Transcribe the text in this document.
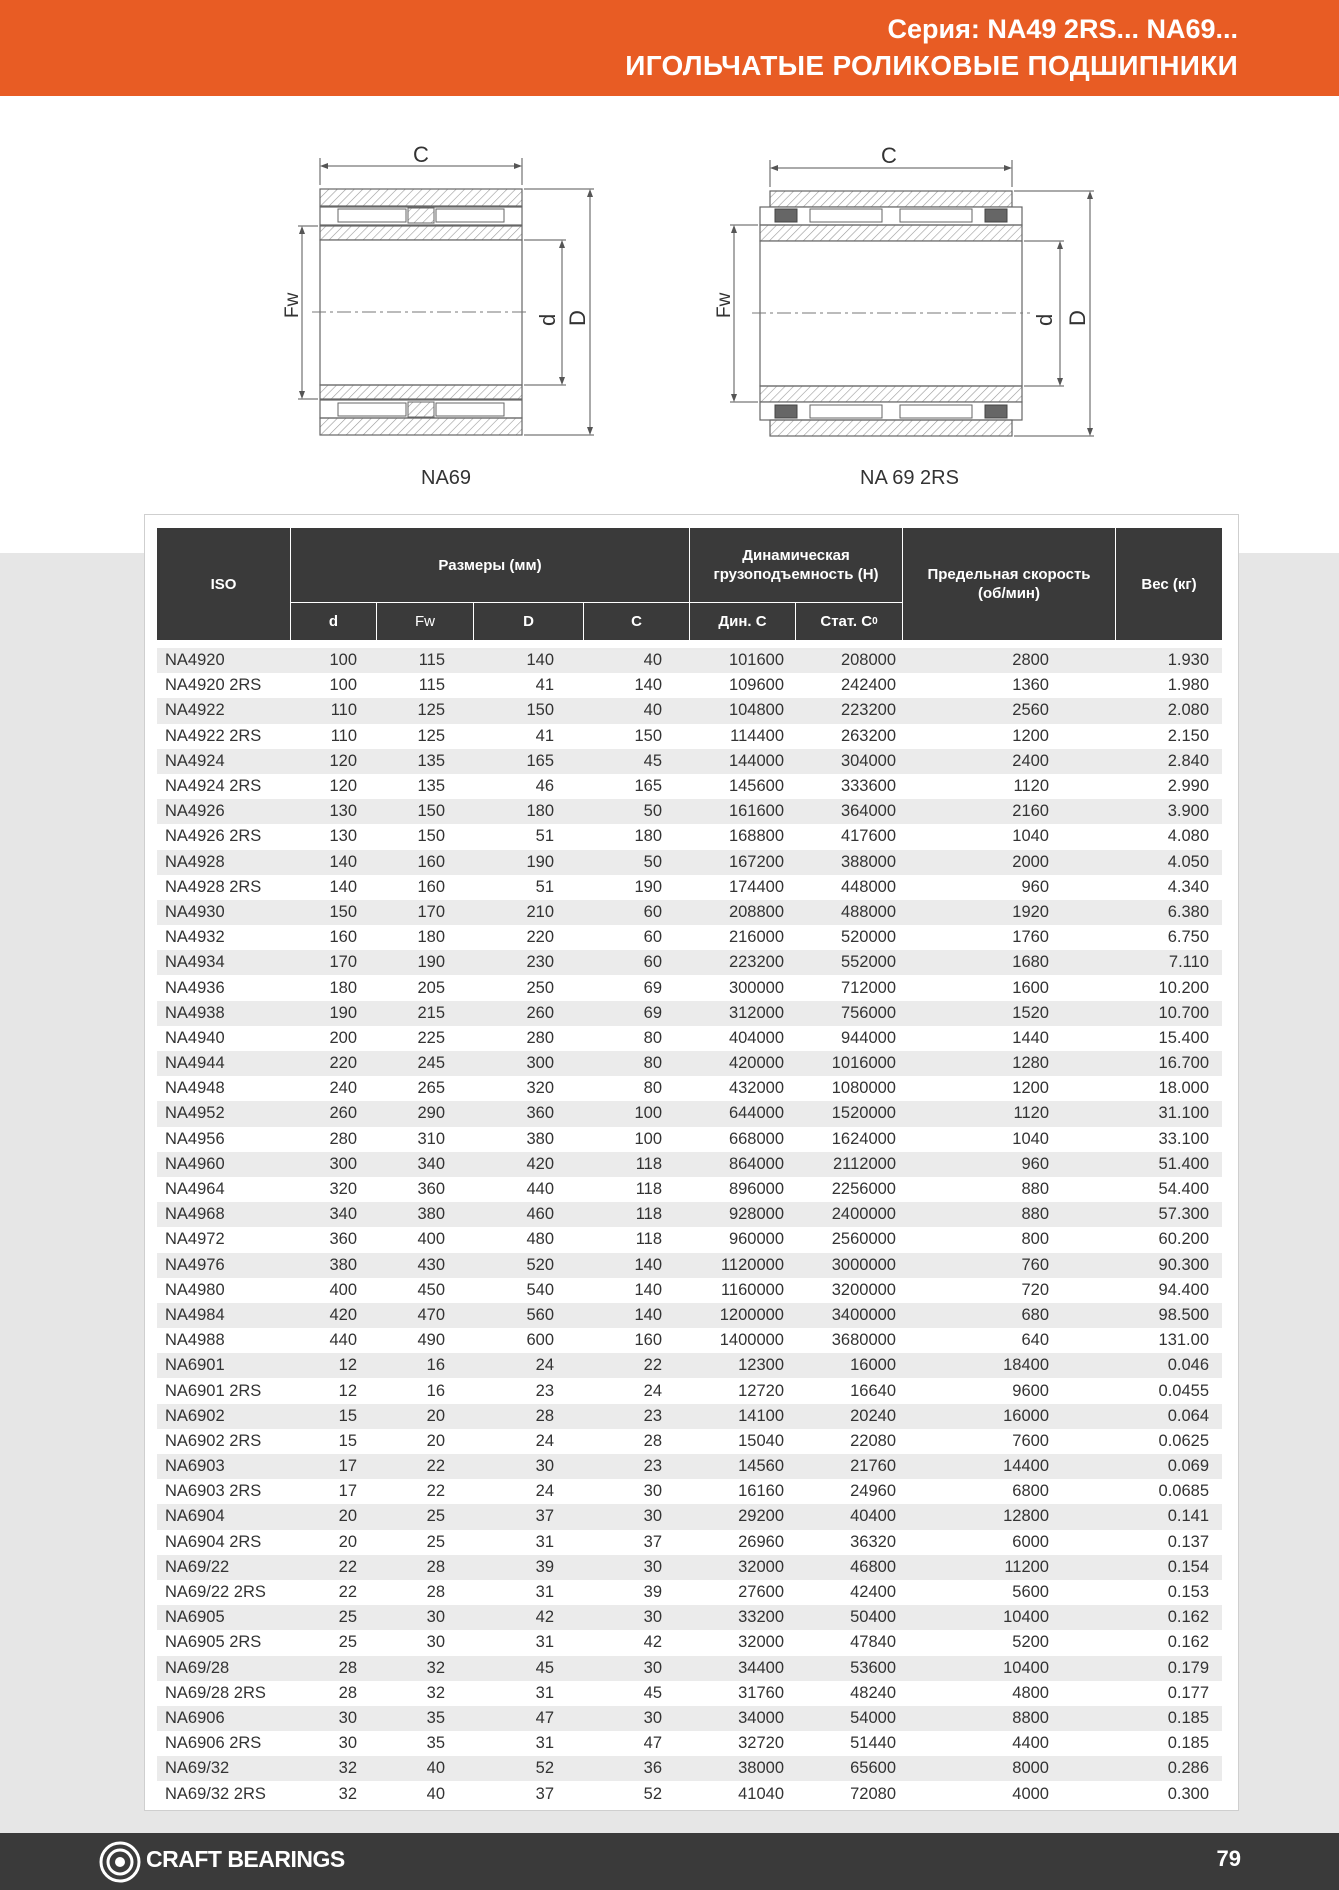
Серия: NA49 2RS... NA69...
ИГОЛЬЧАТЫЕ РОЛИКОВЫЕ ПОДШИПНИКИ
C
Fw
d D
C
Fw
d D
NA69	NA 69 2RS
ISO
Размеры (мм)
d	Fw	D	C
Динамическая грузоподъемность (Н)
Дин. С	Стат. C 0
Предельная скорость (об/мин)
Вес (кг)
NA4920	100	115	140	40	101600	208000	2800	1.930
NA4920 2RS	100	115	41	140	109600	242400	1360	1.980
NA4922	110	125	150	40	104800	223200	2560	2.080
NA4922 2RS	110	125	41	150	114400	263200	1200	2.150
NA4924	120	135	165	45	144000	304000	2400	2.840
NA4924 2RS	120	135	46	165	145600	333600	1120	2.990
NA4926	130	150	180	50	161600	364000	2160	3.900
NA4926 2RS	130	150	51	180	168800	417600	1040	4.080
NA4928	140	160	190	50	167200	388000	2000	4.050
NA4928 2RS	140	160	51	190	174400	448000	960	4.340
NA4930	150	170	210	60	208800	488000	1920	6.380
NA4932	160	180	220	60	216000	520000	1760	6.750
NA4934	170	190	230	60	223200	552000	1680	7.110
NA4936	180	205	250	69	300000	712000	1600	10.200
NA4938	190	215	260	69	312000	756000	1520	10.700
NA4940	200	225	280	80	404000	944000	1440	15.400
NA4944	220	245	300	80	420000	1016000	1280	16.700
NA4948	240	265	320	80	432000	1080000	1200	18.000
NA4952	260	290	360	100	644000	1520000	1120	31.100
NA4956	280	310	380	100	668000	1624000	1040	33.100
NA4960	300	340	420	118	864000	2112000	960	51.400
NA4964	320	360	440	118	896000	2256000	880	54.400
NA4968	340	380	460	118	928000	2400000	880	57.300
NA4972	360	400	480	118	960000	2560000	800	60.200
NA4976	380	430	520	140	1120000	3000000	760	90.300
NA4980	400	450	540	140	1160000	3200000	720	94.400
NA4984	420	470	560	140	1200000	3400000	680	98.500
NA4988	440	490	600	160	1400000	3680000	640	131.00
NA6901	12	16	24	22	12300	16000	18400	0.046
NA6901 2RS	12	16	23	24	12720	16640	9600	0.0455
NA6902	15	20	28	23	14100	20240	16000	0.064
NA6902 2RS	15	20	24	28	15040	22080	7600	0.0625
NA6903	17	22	30	23	14560	21760	14400	0.069
NA6903 2RS	17	22	24	30	16160	24960	6800	0.0685
NA6904	20	25	37	30	29200	40400	12800	0.141
NA6904 2RS	20	25	31	37	26960	36320	6000	0.137
NA69/22	22	28	39	30	32000	46800	11200	0.154
NA69/22 2RS	22	28	31	39	27600	42400	5600	0.153
NA6905	25	30	42	30	33200	50400	10400	0.162
NA6905 2RS	25	30	31	42	32000	47840	5200	0.162
NA69/28	28	32	45	30	34400	53600	10400	0.179
NA69/28 2RS	28	32	31	45	31760	48240	4800	0.177
NA6906	30	35	47	30	34000	54000	8800	0.185
NA6906 2RS	30	35	31	47	32720	51440	4400	0.185
NA69/32	32	40	52	36	38000	65600	8000	0.286
NA69/32 2RS	32	40	37	52	41040	72080	4000	0.300
CRAFT BEARINGS	79
